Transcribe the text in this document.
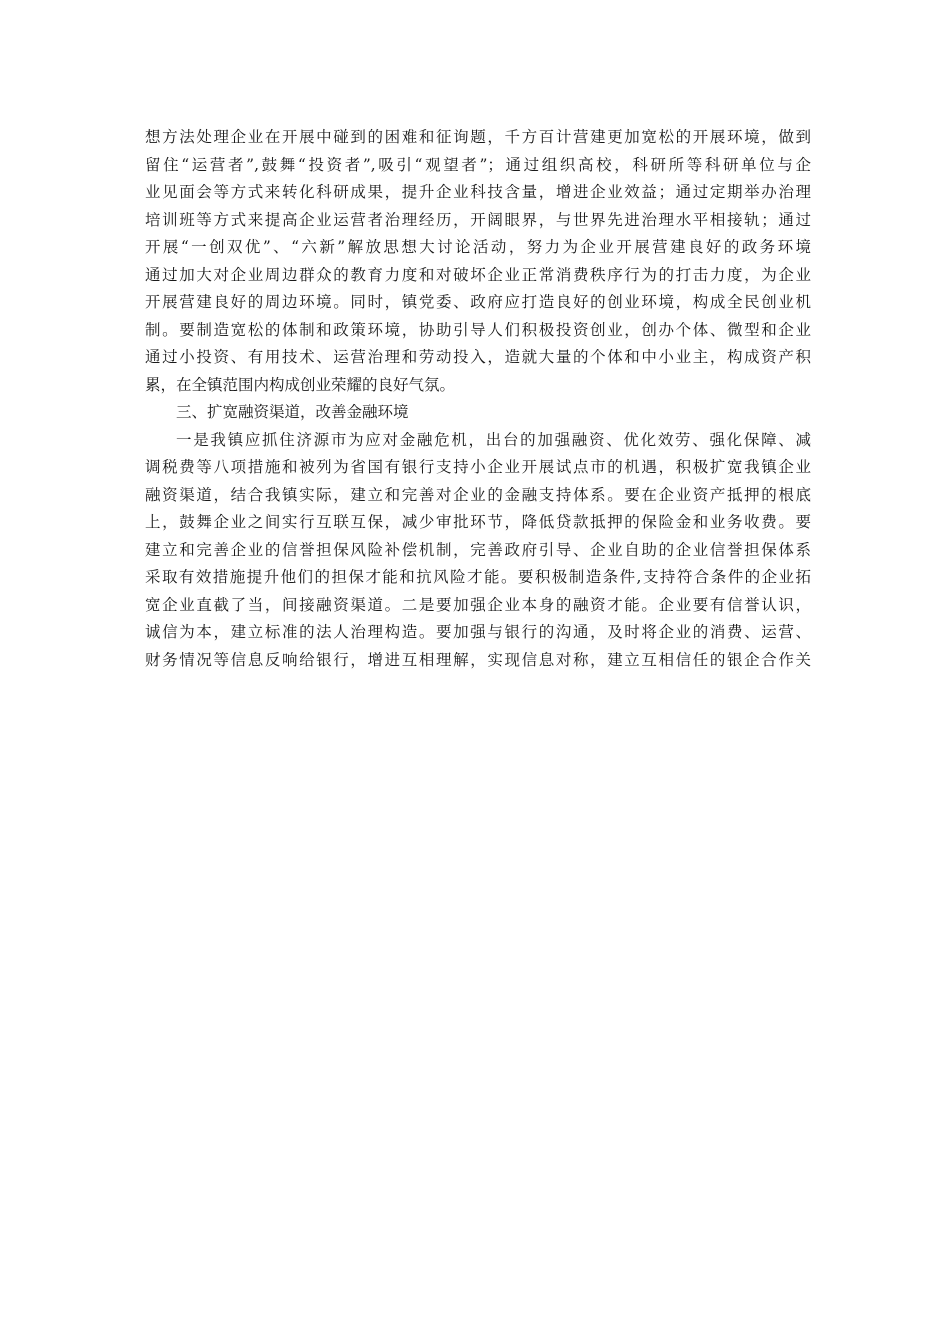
想方法处理企业在开展中碰到的困难和征询题，千方百计营建更加宽松的开展环境，做到
留住“运营者”,鼓舞“投资者”,吸引“观望者”；通过组织高校，科研所等科研单位与企
业见面会等方式来转化科研成果，提升企业科技含量，增进企业效益；通过定期举办治理
培训班等方式来提高企业运营者治理经历，开阔眼界，与世界先进治理水平相接轨；通过
开展“一创双优”、“六新”解放思想大讨论活动，努力为企业开展营建良好的政务环境
通过加大对企业周边群众的教育力度和对破坏企业正常消费秩序行为的打击力度，为企业
开展营建良好的周边环境。同时，镇党委、政府应打造良好的创业环境，构成全民创业机
制。要制造宽松的体制和政策环境，协助引导人们积极投资创业，创办个体、微型和企业
通过小投资、有用技术、运营治理和劳动投入，造就大量的个体和中小业主，构成资产积
累，在全镇范围内构成创业荣耀的良好气氛。
三、扩宽融资渠道，改善金融环境
一是我镇应抓住济源市为应对金融危机，出台的加强融资、优化效劳、强化保障、减
调税费等八项措施和被列为省国有银行支持小企业开展试点市的机遇，积极扩宽我镇企业
融资渠道，结合我镇实际，建立和完善对企业的金融支持体系。要在企业资产抵押的根底
上，鼓舞企业之间实行互联互保，减少审批环节，降低贷款抵押的保险金和业务收费。要
建立和完善企业的信誉担保风险补偿机制，完善政府引导、企业自助的企业信誉担保体系
采取有效措施提升他们的担保才能和抗风险才能。要积极制造条件,支持符合条件的企业拓
宽企业直截了当，间接融资渠道。二是要加强企业本身的融资才能。企业要有信誉认识，
诚信为本，建立标准的法人治理构造。要加强与银行的沟通，及时将企业的消费、运营、
财务情况等信息反响给银行，增进互相理解，实现信息对称，建立互相信任的银企合作关
